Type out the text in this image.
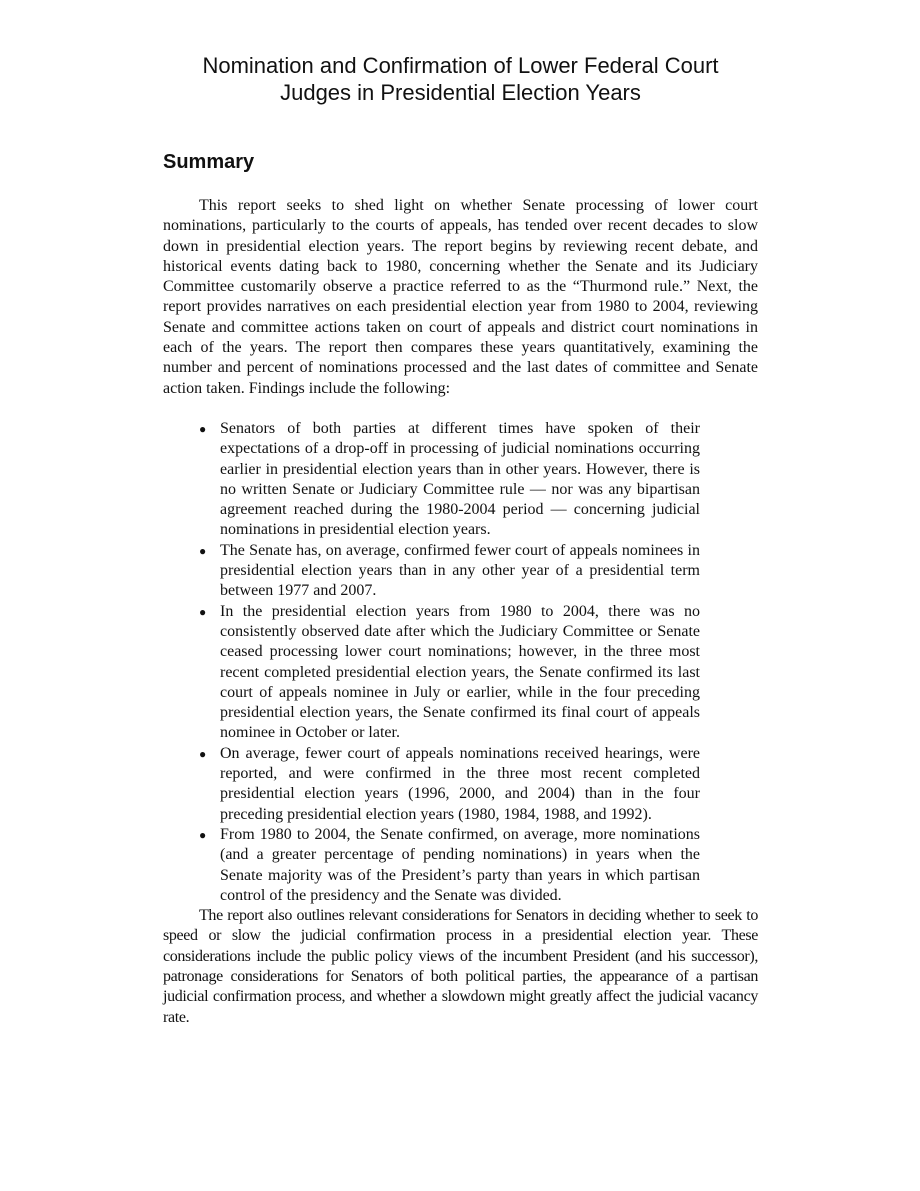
Nomination and Confirmation of Lower Federal Court
Judges in Presidential Election Years
Summary

This report seeks to shed light on whether Senate processing of lower court nominations, particularly to the courts of appeals, has tended over recent decades to slow down in presidential election years. The report begins by reviewing recent debate, and historical events dating back to 1980, concerning whether the Senate and its Judiciary Committee customarily observe a practice referred to as the “Thurmond rule.” Next, the report provides narratives on each presidential election year from 1980 to 2004, reviewing Senate and committee actions taken on court of appeals and district court nominations in each of the years. The report then compares these years quantitatively, examining the number and percent of nominations processed and the last dates of committee and Senate action taken. Findings include the following:

● Senators of both parties at different times have spoken of their expectations of a drop-off in processing of judicial nominations occurring earlier in presidential election years than in other years. However, there is no written Senate or Judiciary Committee rule — nor was any bipartisan agreement reached during the 1980-2004 period — concerning judicial nominations in presidential election years.
● The Senate has, on average, confirmed fewer court of appeals nominees in presidential election years than in any other year of a presidential term between 1977 and 2007.
● In the presidential election years from 1980 to 2004, there was no consistently observed date after which the Judiciary Committee or Senate ceased processing lower court nominations; however, in the three most recent completed presidential election years, the Senate confirmed its last court of appeals nominee in July or earlier, while in the four preceding presidential election years, the Senate confirmed its final court of appeals nominee in October or later.
● On average, fewer court of appeals nominations received hearings, were reported, and were confirmed in the three most recent completed presidential election years (1996, 2000, and 2004) than in the four preceding presidential election years (1980, 1984, 1988, and 1992).
● From 1980 to 2004, the Senate confirmed, on average, more nominations (and a greater percentage of pending nominations) in years when the Senate majority was of the President’s party than years in which partisan control of the presidency and the Senate was divided.

The report also outlines relevant considerations for Senators in deciding whether to seek to speed or slow the judicial confirmation process in a presidential election year. These considerations include the public policy views of the incumbent President (and his successor), patronage considerations for Senators of both political parties, the appearance of a partisan judicial confirmation process, and whether a slowdown might greatly affect the judicial vacancy rate.
